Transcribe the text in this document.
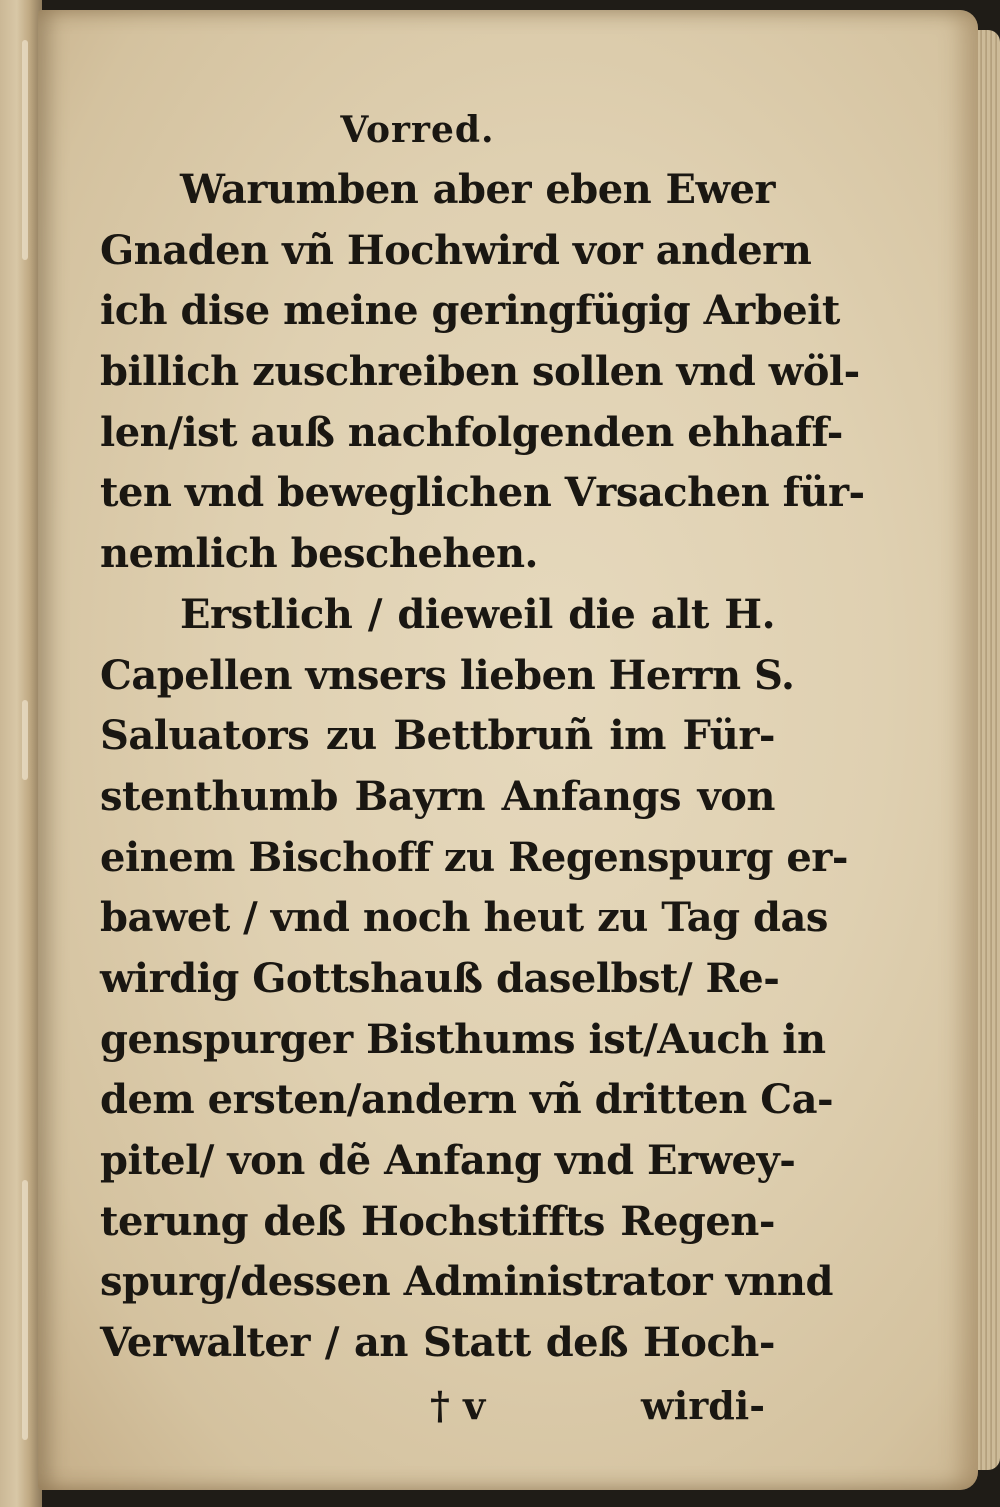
Vorred.
Warumben aber eben Ewer
Gnaden vñ Hochwird vor andern
ich dise meine geringfügig Arbeit
billich zuschreiben sollen vnd wöl-
len/ist auß nachfolgenden ehhaff-
ten vnd beweglichen Vrsachen für-
nemlich beschehen.
Erstlich / dieweil die alt H.
Capellen vnsers lieben Herrn S.
Saluators zu Bettbruñ im Für-
stenthumb Bayrn Anfangs von
einem Bischoff zu Regenspurg er-
bawet / vnd noch heut zu Tag das
wirdig Gottshauß daselbst/ Re-
genspurger Bisthums ist/Auch in
dem ersten/andern vñ dritten Ca-
pitel/ von dẽ Anfang vnd Erwey-
terung deß Hochstiffts Regen-
spurg/dessen Administrator vnnd
Verwalter / an Statt deß Hoch-
† v	wirdi-
